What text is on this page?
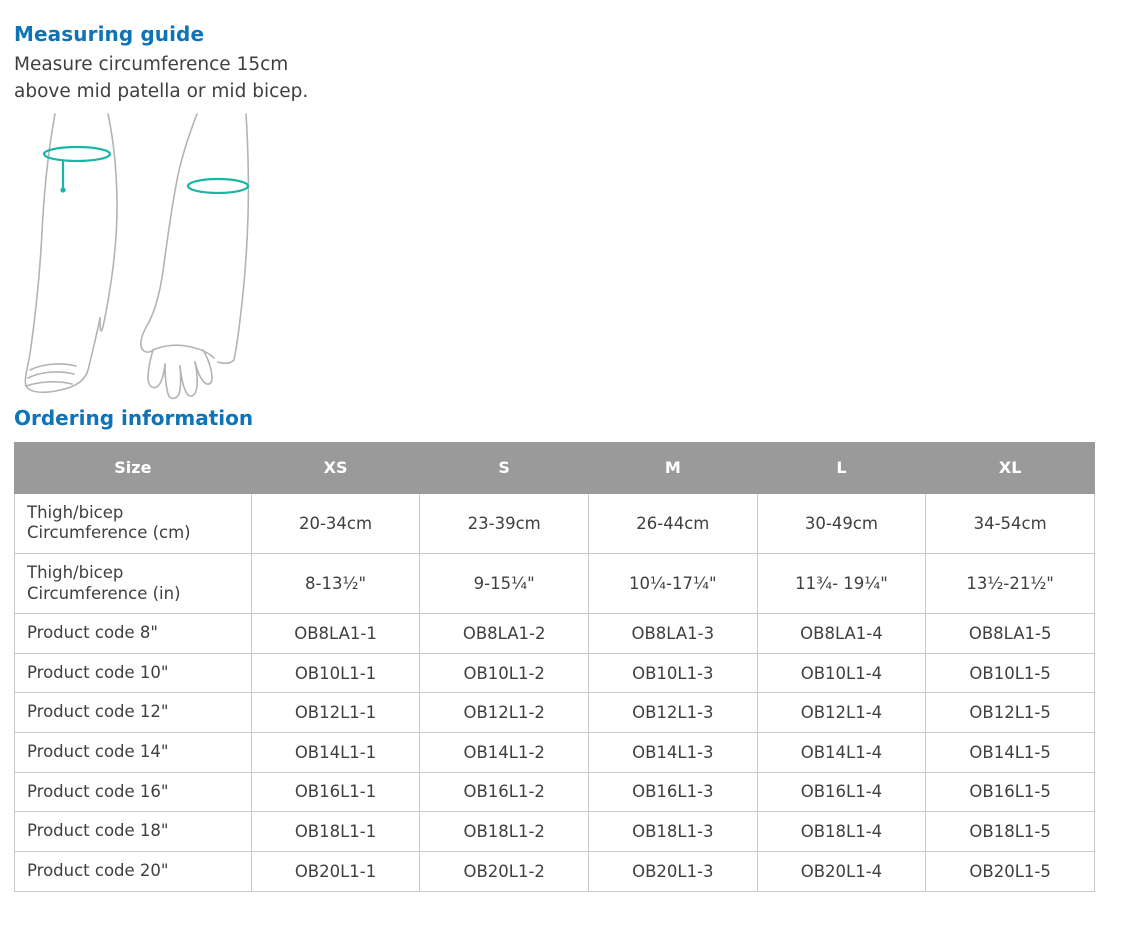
Measuring guide

Measure circumference 15cm
above mid patella or mid bicep.

Ordering information
Size	XS	S	M	L	XL
Thigh/bicep
Circumference (cm)	20-34cm	23-39cm	26-44cm	30-49cm	34-54cm
Thigh/bicep
Circumference (in)	8-13½"	9-15¼"	10¼-17¼"	11¾- 19¼"	13½-21½"
Product code 8"	OB8LA1-1	OB8LA1-2	OB8LA1-3	OB8LA1-4	OB8LA1-5
Product code 10"	OB10L1-1	OB10L1-2	OB10L1-3	OB10L1-4	OB10L1-5
Product code 12"	OB12L1-1	OB12L1-2	OB12L1-3	OB12L1-4	OB12L1-5
Product code 14"	OB14L1-1	OB14L1-2	OB14L1-3	OB14L1-4	OB14L1-5
Product code 16"	OB16L1-1	OB16L1-2	OB16L1-3	OB16L1-4	OB16L1-5
Product code 18"	OB18L1-1	OB18L1-2	OB18L1-3	OB18L1-4	OB18L1-5
Product code 20"	OB20L1-1	OB20L1-2	OB20L1-3	OB20L1-4	OB20L1-5
